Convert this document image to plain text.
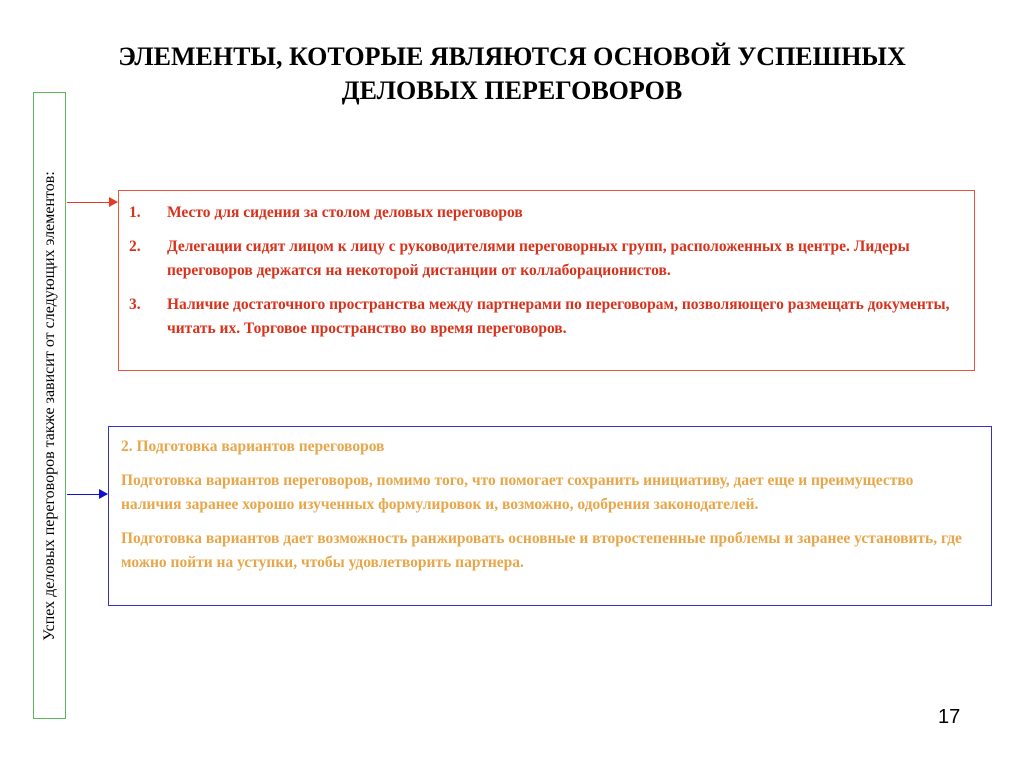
ЭЛЕМЕНТЫ, КОТОРЫЕ ЯВЛЯЮТСЯ ОСНОВОЙ УСПЕШНЫХ
ДЕЛОВЫХ ПЕРЕГОВОРОВ
Успех деловых переговоров также зависит от следующих элементов:	1.	Место для сидения за столом деловых переговоров
2.	Делегации сидят лицом к лицу с руководителями переговорных групп, расположенных в центре. Лидеры переговоров держатся на некоторой дистанции от коллаборационистов.
3.	Наличие достаточного пространства между партнерами по переговорам, позволяющего размещать документы, читать их. Торговое пространство во время переговоров.

2. Подготовка вариантов переговоров

Подготовка вариантов переговоров, помимо того, что помогает сохранить инициативу, дает еще и преимущество наличия заранее хорошо изученных формулировок и, возможно, одобрения законодателей.

Подготовка вариантов дает возможность ранжировать основные и второстепенные проблемы и заранее установить, где можно пойти на уступки, чтобы удовлетворить партнера.

17
